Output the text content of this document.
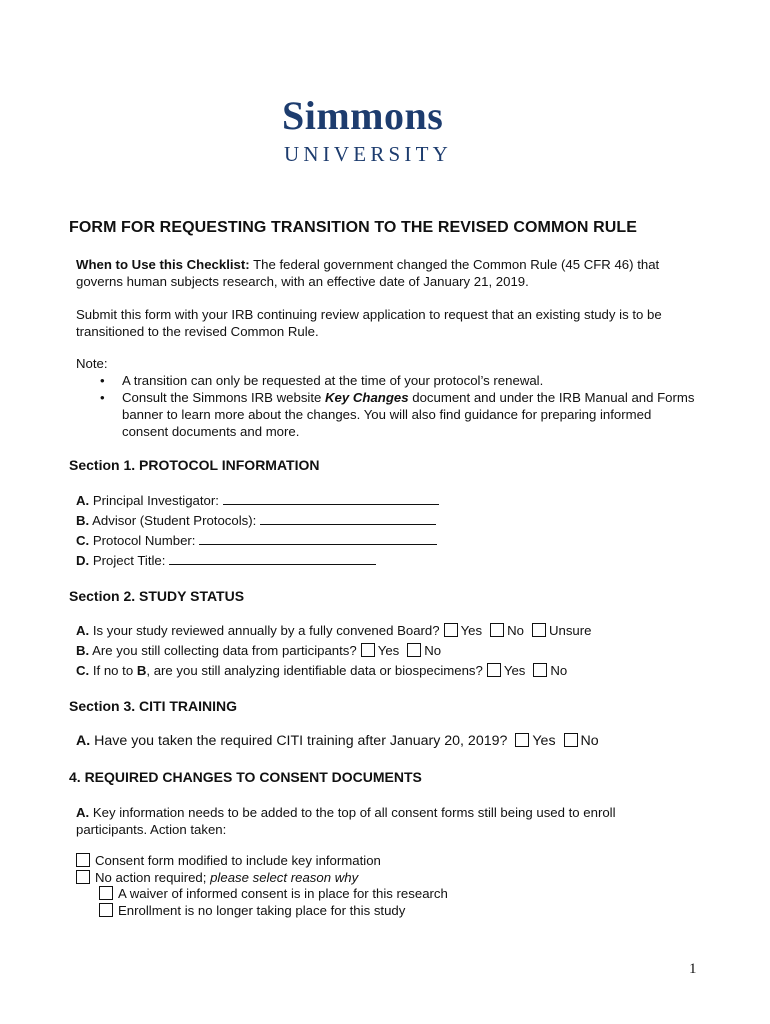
Simmons
UNIVERSITY
FORM FOR REQUESTING TRANSITION TO THE REVISED COMMON RULE
When to Use this Checklist: The federal government changed the Common Rule (45 CFR 46) that governs human subjects research, with an effective date of January 21, 2019.
Submit this form with your IRB continuing review application to request that an existing study is to be transitioned to the revised Common Rule.
Note:
• A transition can only be requested at the time of your protocol’s renewal.
• Consult the Simmons IRB website Key Changes document and under the IRB Manual and Forms banner to learn more about the changes. You will also find guidance for preparing informed consent documents and more.
Section 1. PROTOCOL INFORMATION
A. Principal Investigator:
B. Advisor (Student Protocols):
C. Protocol Number:
D. Project Title:
Section 2. STUDY STATUS
A. Is your study reviewed annually by a fully convened Board? Yes No Unsure
B. Are you still collecting data from participants? Yes No
C. If no to B, are you still analyzing identifiable data or biospecimens? Yes No
Section 3. CITI TRAINING
A. Have you taken the required CITI training after January 20, 2019? Yes No
4. REQUIRED CHANGES TO CONSENT DOCUMENTS
A. Key information needs to be added to the top of all consent forms still being used to enroll participants. Action taken:
Consent form modified to include key information
No action required; please select reason why
A waiver of informed consent is in place for this research
Enrollment is no longer taking place for this study
1
